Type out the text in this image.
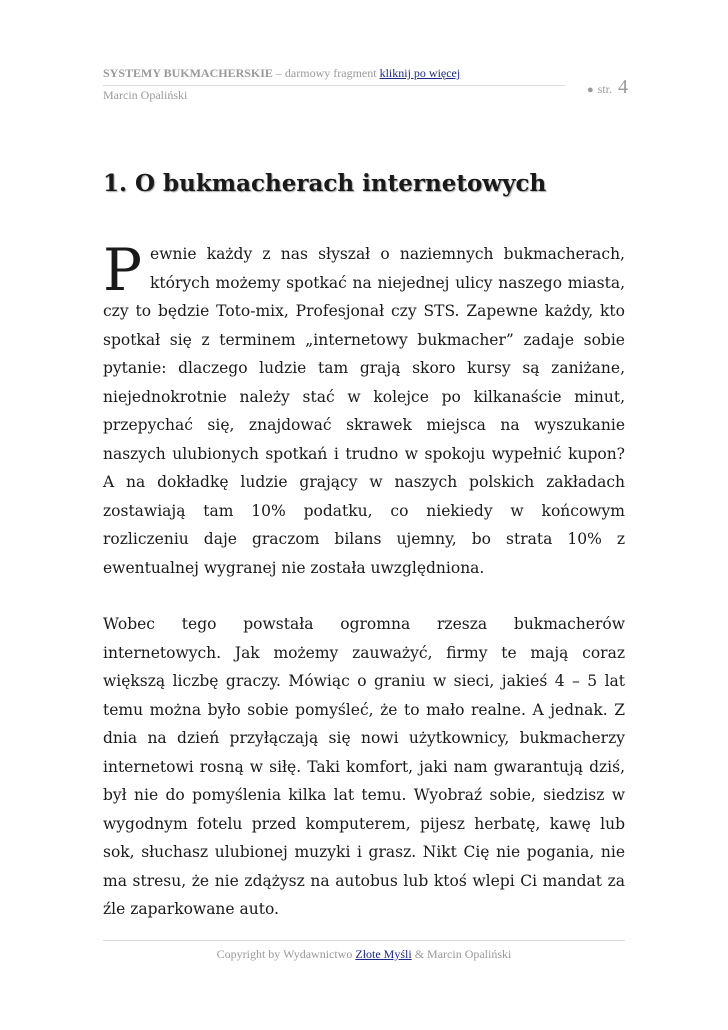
SYSTEMY BUKMACHERSKIE – darmowy fragment kliknij po więcej
Marcin Opaliński	● str. 4
1. O bukmacherach internetowych

Pewnie każdy z nas słyszał o naziemnych bukmacherach, których możemy spotkać na niejednej ulicy naszego miasta, czy to będzie Toto-mix, Profesjonał czy STS. Zapewne każdy, kto spotkał się z terminem „internetowy bukmacher” zadaje sobie pytanie: dlaczego ludzie tam grają skoro kursy są zaniżane, niejednokrotnie należy stać w kolejce po kilkanaście minut, przepychać się, znajdować skrawek miejsca na wyszukanie naszych ulubionych spotkań i trudno w spokoju wypełnić kupon? A na dokładkę ludzie grający w naszych polskich zakładach zostawiają tam 10% podatku, co niekiedy w końcowym rozliczeniu daje graczom bilans ujemny, bo strata 10% z ewentualnej wygranej nie została uwzględniona.

Wobec tego powstała ogromna rzesza bukmacherów internetowych. Jak możemy zauważyć, firmy te mają coraz większą liczbę graczy. Mówiąc o graniu w sieci, jakieś 4 – 5 lat temu można było sobie pomyśleć, że to mało realne. A jednak. Z dnia na dzień przyłączają się nowi użytkownicy, bukmacherzy internetowi rosną w siłę. Taki komfort, jaki nam gwarantują dziś, był nie do pomyślenia kilka lat temu. Wyobraź sobie, siedzisz w wygodnym fotelu przed komputerem, pijesz herbatę, kawę lub sok, słuchasz ulubionej muzyki i grasz. Nikt Cię nie pogania, nie ma stresu, że nie zdążysz na autobus lub ktoś wlepi Ci mandat za źle zaparkowane auto.

Copyright by Wydawnictwo Złote Myśli & Marcin Opaliński
